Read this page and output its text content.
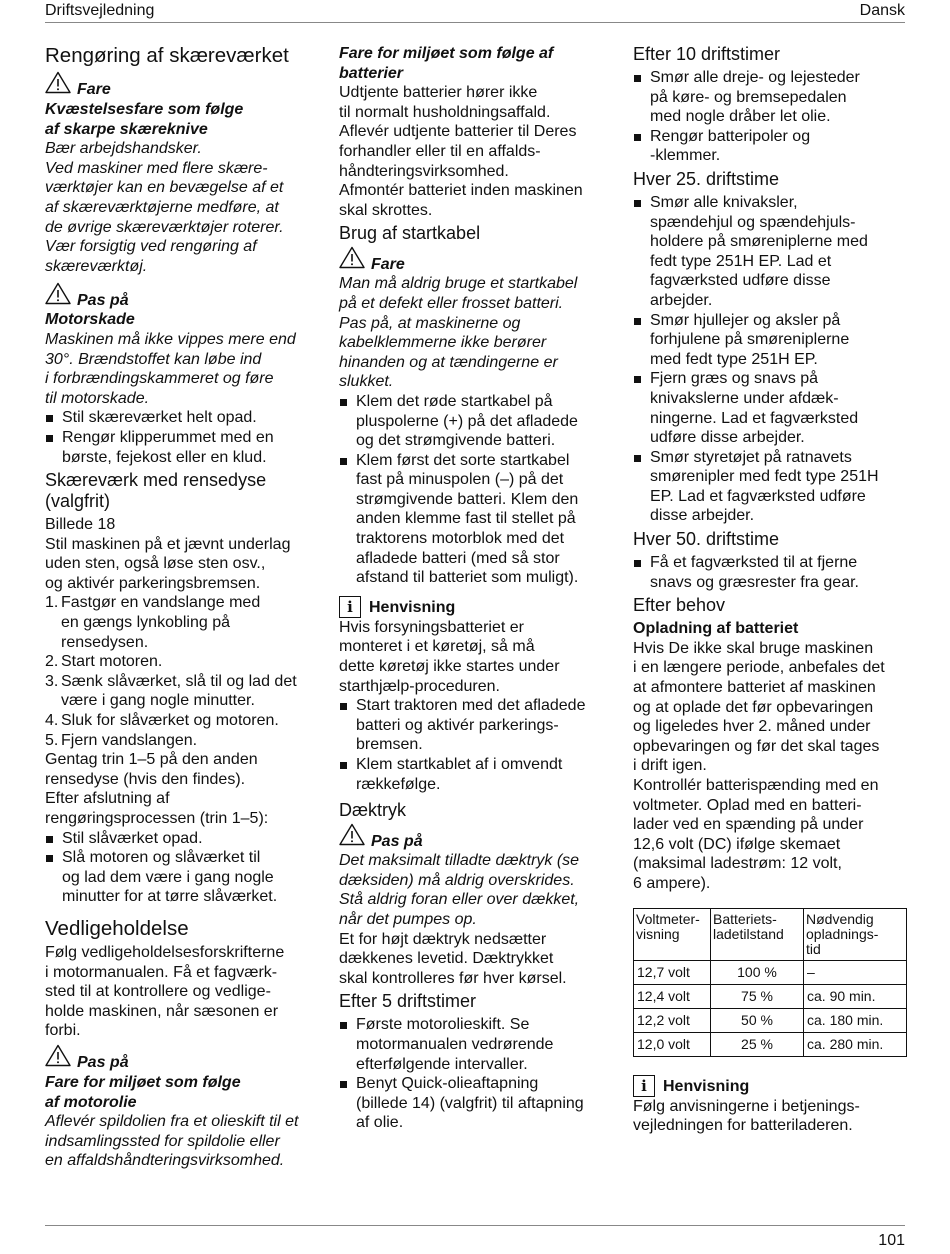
Driftsvejledning	Dansk
Rengøring af skæreværket
Fare

Kvæstelsesfare som følge
af skarpe skæreknive

Bær arbejdshandsker.
Ved maskiner med flere skære-
værktøjer kan en bevægelse af et
af skæreværktøjerne medføre, at
de øvrige skæreværktøjer roterer.
Vær forsigtig ved rengøring af
skæreværktøj.

Pas på

Motorskade

Maskinen må ikke vippes mere end
30°. Brændstoffet kan løbe ind
i forbrændingskammeret og føre
til motorskade.

Stil skæreværket helt opad.
Rengør klipperummet med en
børste, fejekost eller en klud.
Skæreværk med rensedyse
(valgfrit)

Billede 18
Stil maskinen på et jævnt underlag
uden sten, også løse sten osv.,
og aktivér parkeringsbremsen.

1. Fastgør en vandslange med
en gængs lynkobling på
rensedysen.
2. Start motoren.
3. Sænk slåværket, slå til og lad det
være i gang nogle minutter.
4. Sluk for slåværket og motoren.
5. Fjern vandslangen.

Gentag trin 1–5 på den anden
rensedyse (hvis den findes).
Efter afslutning af
rengøringsprocessen (trin 1–5):

Stil slåværket opad.
Slå motoren og slåværket til
og lad dem være i gang nogle
minutter for at tørre slåværket.
Vedligeholdelse

Følg vedligeholdelsesforskrifterne
i motormanualen. Få et fagværk-
sted til at kontrollere og vedlige-
holde maskinen, når sæsonen er
forbi.

Pas på

Fare for miljøet som følge
af motorolie

Aflevér spildolien fra et olieskift til et
indsamlingssted for spildolie eller
en affaldshåndteringsvirksomhed.

Fare for miljøet som følge af
batterier

Udtjente batterier hører ikke
til normalt husholdningsaffald.
Aflevér udtjente batterier til Deres
forhandler eller til en affalds-
håndteringsvirksomhed.
Afmontér batteriet inden maskinen
skal skrottes.

Brug af startkabel
Fare

Man må aldrig bruge et startkabel
på et defekt eller frosset batteri.
Pas på, at maskinerne og
kabelklemmerne ikke berører
hinanden og at tændingerne er
slukket.

Klem det røde startkabel på
pluspolerne (+) på det afladede
og det strømgivende batteri.
Klem først det sorte startkabel
fast på minuspolen (–) på det
strømgivende batteri. Klem den
anden klemme fast til stellet på
traktorens motorblok med det
afladede batteri (med så stor
afstand til batteriet som muligt).
i	Henvisning

Hvis forsyningsbatteriet er
monteret i et køretøj, så må
dette køretøj ikke startes under
starthjælp-proceduren.

Start traktoren med det afladede
batteri og aktivér parkerings-
bremsen.
Klem startkablet af i omvendt
rækkefølge.
Dæktryk
Pas på

Det maksimalt tilladte dæktryk (se
dæksiden) må aldrig overskrides.
Stå aldrig foran eller over dækket,
når det pumpes op.

Et for højt dæktryk nedsætter
dækkenes levetid. Dæktrykket
skal kontrolleres før hver kørsel.

Efter 5 driftstimer
Første motorolieskift. Se
motormanualen vedrørende
efterfølgende intervaller.
Benyt Quick-olieaftapning
(billede 14) (valgfrit) til aftapning
af olie.
Efter 10 driftstimer
Smør alle dreje- og lejesteder
på køre- og bremsepedalen
med nogle dråber let olie.
Rengør batteripoler og
-klemmer.
Hver 25. driftstime
Smør alle knivaksler,
spændehjul og spændehjuls-
holdere på smøreniplerne med
fedt type 251H EP. Lad et
fagværksted udføre disse
arbejder.
Smør hjullejer og aksler på
forhjulene på smøreniplerne
med fedt type 251H EP.
Fjern græs og snavs på
knivakslerne under afdæk-
ningerne. Lad et fagværksted
udføre disse arbejder.
Smør styretøjet på ratnavets
smørenipler med fedt type 251H
EP. Lad et fagværksted udføre
disse arbejder.
Hver 50. driftstime
Få et fagværksted til at fjerne
snavs og græsrester fra gear.
Efter behov
Opladning af batteriet

Hvis De ikke skal bruge maskinen
i en længere periode, anbefales det
at afmontere batteriet af maskinen
og at oplade det før opbevaringen
og ligeledes hver 2. måned under
opbevaringen og før det skal tages
i drift igen.
Kontrollér batterispænding med en
voltmeter. Oplad med en batteri-
lader ved en spænding på under
12,6 volt (DC) ifølge skemaet
(maksimal ladestrøm: 12 volt,
6 ampere).

Voltmeter-
visning	Batteriets-
ladetilstand	Nødvendig
opladnings-
tid
12,7 volt	100 %	–
12,4 volt	75 %	ca. 90 min.
12,2 volt	50 %	ca. 180 min.
12,0 volt	25 %	ca. 280 min.
i	Henvisning

Følg anvisningerne i betjenings-
vejledningen for batteriladeren.

101
